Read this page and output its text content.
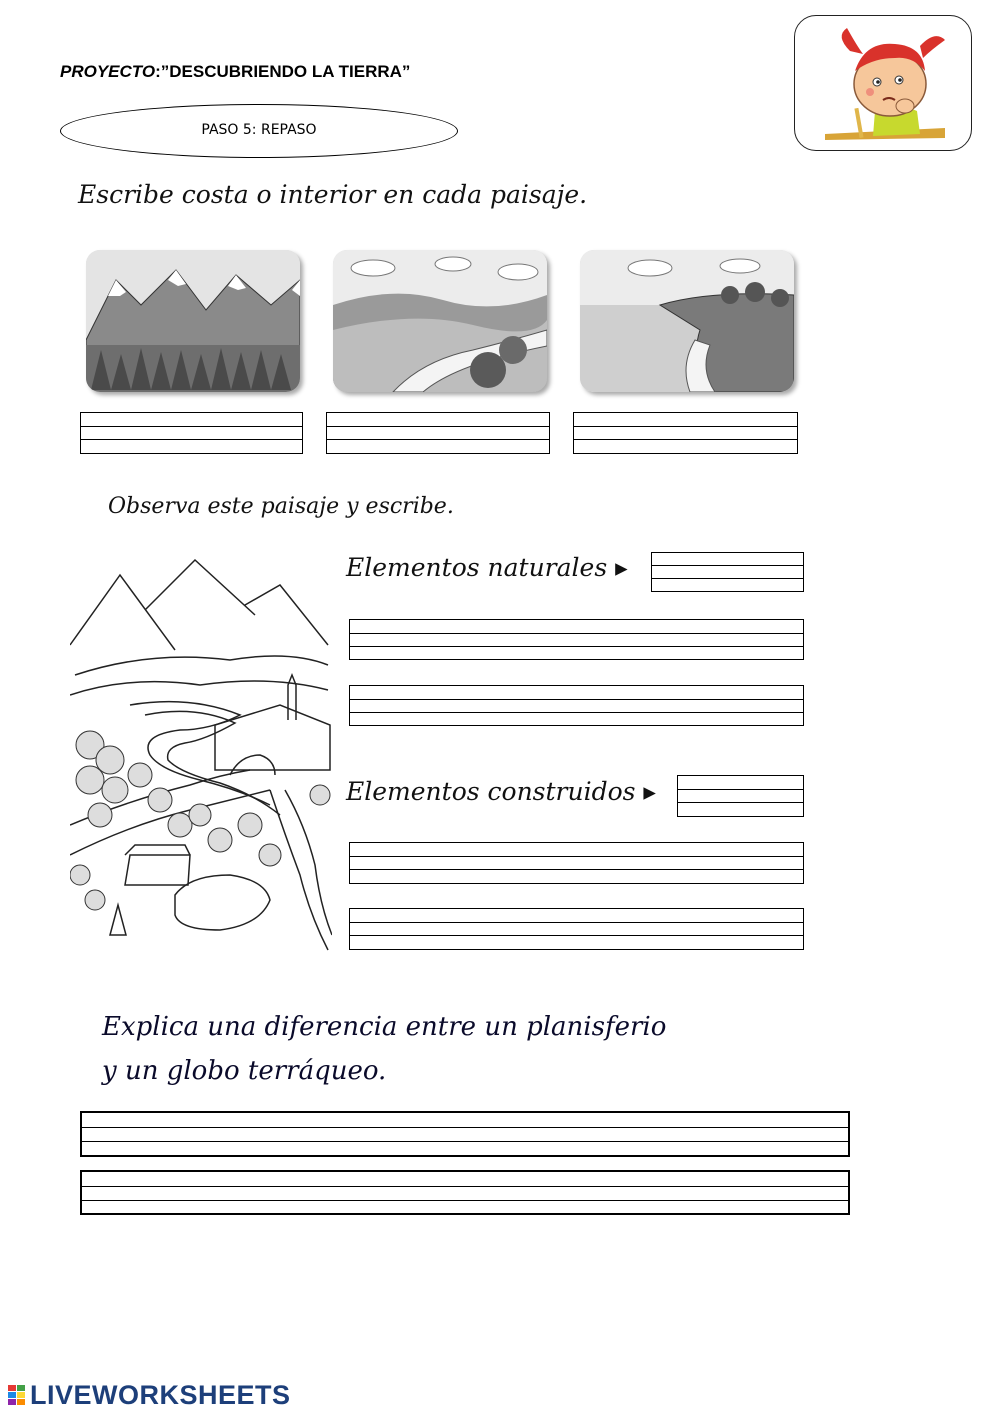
PROYECTO:”DESCUBRIENDO LA TIERRA”
PASO 5: REPASO
Escribe costa o interior en cada paisaje.
Observa este paisaje y escribe.
Elementos naturales ▸
Elementos construidos ▸
Explica una diferencia entre un planisferio
y un globo terráqueo.
LIVEWORKSHEETS
